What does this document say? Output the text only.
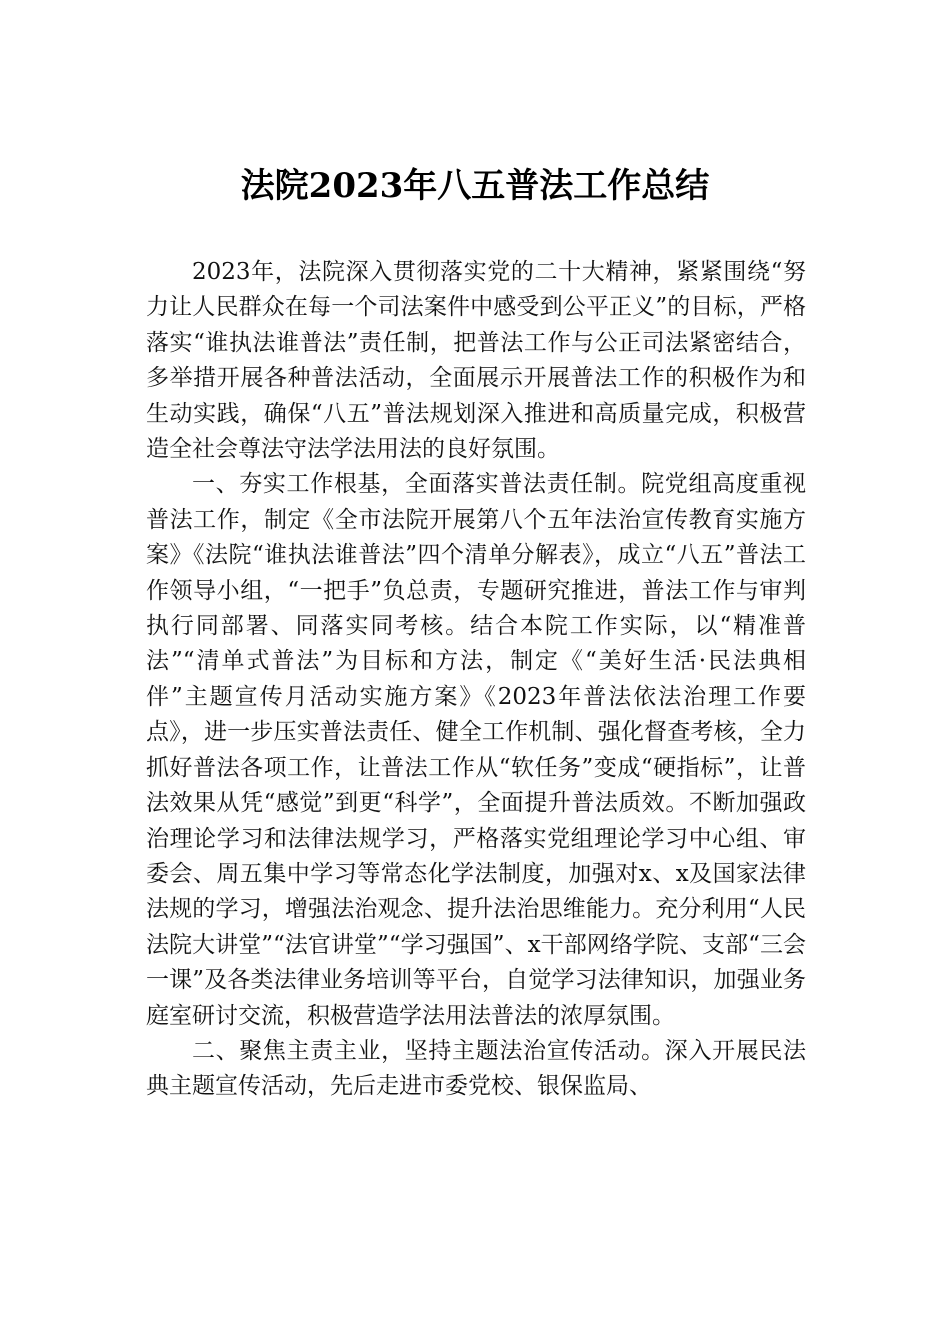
法院2023年八五普法工作总结

2023年，法院深入贯彻落实党的二十大精神，紧紧围绕“努力让人民群众在每一个司法案件中感受到公平正义”的目标，严格落实“谁执法谁普法”责任制，把普法工作与公正司法紧密结合，多举措开展各种普法活动，全面展示开展普法工作的积极作为和生动实践，确保“八五”普法规划深入推进和高质量完成，积极营造全社会尊法守法学法用法的良好氛围。

一、夯实工作根基，全面落实普法责任制。院党组高度重视普法工作，制定《全市法院开展第八个五年法治宣传教育实施方案》《法院“谁执法谁普法”四个清单分解表》，成立“八五”普法工作领导小组，“一把手”负总责，专题研究推进，普法工作与审判执行同部署、同落实同考核。结合本院工作实际，以“精准普法”“清单式普法”为目标和方法，制定《“美好生活·民法典相伴”主题宣传月活动实施方案》《2023年普法依法治理工作要点》，进一步压实普法责任、健全工作机制、强化督查考核，全力抓好普法各项工作，让普法工作从“软任务”变成“硬指标”，让普法效果从凭“感觉”到更“科学”，全面提升普法质效。不断加强政治理论学习和法律法规学习，严格落实党组理论学习中心组、审委会、周五集中学习等常态化学法制度，加强对x、x及国家法律法规的学习，增强法治观念、提升法治思维能力。充分利用“人民法院大讲堂”“法官讲堂”“学习强国”、x干部网络学院、支部“三会一课”及各类法律业务培训等平台，自觉学习法律知识，加强业务庭室研讨交流，积极营造学法用法普法的浓厚氛围。

二、聚焦主责主业，坚持主题法治宣传活动。深入开展民法典主题宣传活动，先后走进市委党校、银保监局、
